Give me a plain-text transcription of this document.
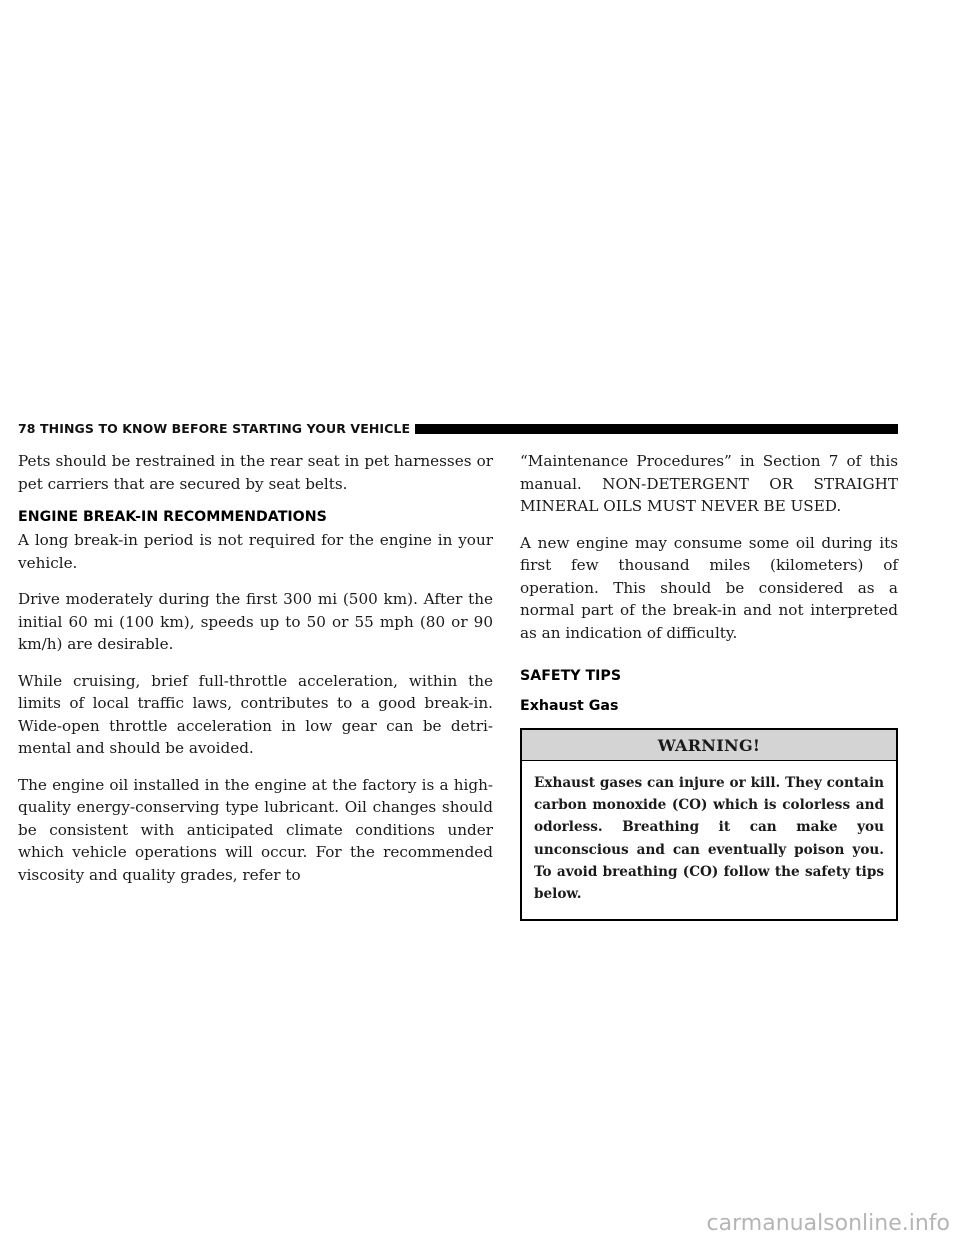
78 THINGS TO KNOW BEFORE STARTING YOUR VEHICLE

Pets should be restrained in the rear seat in pet harnesses or pet carriers that are secured by seat belts.

ENGINE BREAK-IN RECOMMENDATIONS

A long break-in period is not required for the engine in your vehicle.

Drive moderately during the first 300 mi (500 km). After the initial 60 mi (100 km), speeds up to 50 or 55 mph (80 or 90 km/h) are desirable.

While cruising, brief full-throttle acceleration, within the limits of local traffic laws, contributes to a good break-in. Wide-open throttle acceleration in low gear can be detri-mental and should be avoided.

The engine oil installed in the engine at the factory is a high-quality energy-conserving type lubricant. Oil changes should be consistent with anticipated climate conditions under which vehicle operations will occur. For the recommended viscosity and quality grades, refer to

“Maintenance Procedures” in Section 7 of this manual. NON-DETERGENT OR STRAIGHT MINERAL OILS MUST NEVER BE USED.

A new engine may consume some oil during its first few thousand miles (kilometers) of operation. This should be considered as a normal part of the break-in and not interpreted as an indication of difficulty.

SAFETY TIPS
Exhaust Gas
WARNING!
Exhaust gases can injure or kill. They contain carbon monoxide (CO) which is colorless and odorless. Breathing it can make you unconscious and can eventually poison you. To avoid breathing (CO) follow the safety tips below.
carmanualsonline.info
